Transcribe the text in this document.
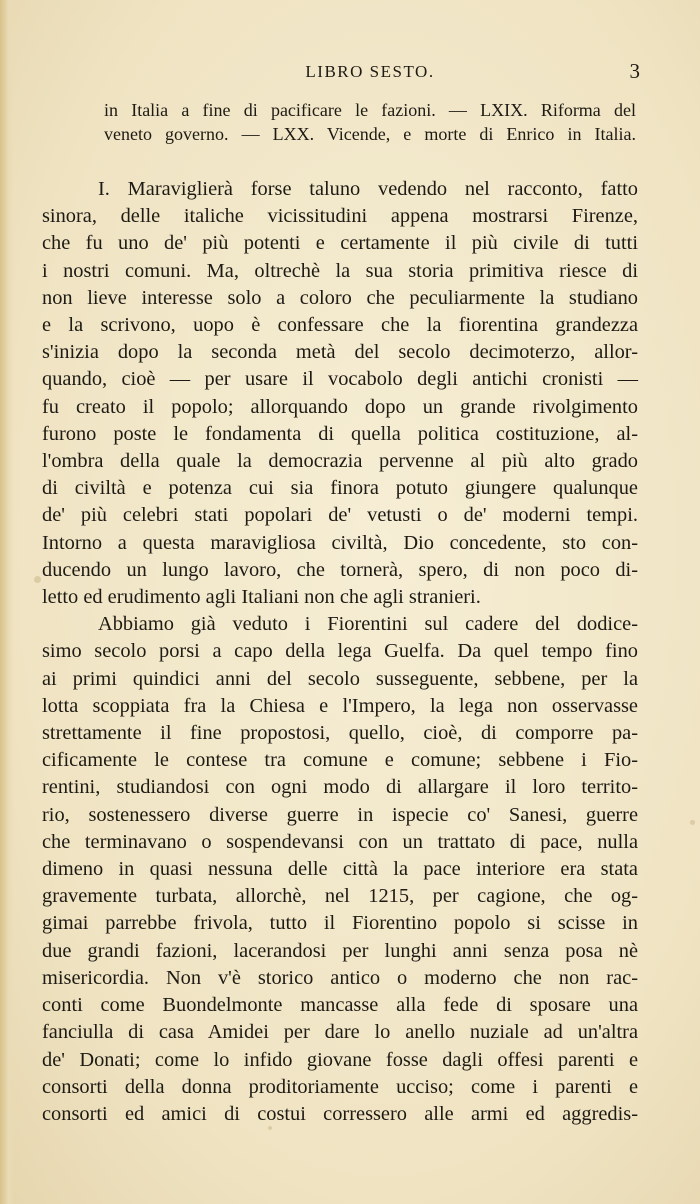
LIBRO SESTO.	3
in Italia a fine di pacificare le fazioni. — LXIX. Riforma del
veneto governo. — LXX. Vicende, e morte di Enrico in Italia.
I. Maraviglierà forse taluno vedendo nel racconto, fatto
sinora, delle italiche vicissitudini appena mostrarsi Firenze,
che fu uno de' più potenti e certamente il più civile di tutti
i nostri comuni. Ma, oltrechè la sua storia primitiva riesce di
non lieve interesse solo a coloro che peculiarmente la studiano
e la scrivono, uopo è confessare che la fiorentina grandezza
s'inizia dopo la seconda metà del secolo decimoterzo, allor-
quando, cioè — per usare il vocabolo degli antichi cronisti —
fu creato il popolo; allorquando dopo un grande rivolgimento
furono poste le fondamenta di quella politica costituzione, al-
l'ombra della quale la democrazia pervenne al più alto grado
di civiltà e potenza cui sia finora potuto giungere qualunque
de' più celebri stati popolari de' vetusti o de' moderni tempi.
Intorno a questa maravigliosa civiltà, Dio concedente, sto con-
ducendo un lungo lavoro, che tornerà, spero, di non poco di-
letto ed erudimento agli Italiani non che agli stranieri.
Abbiamo già veduto i Fiorentini sul cadere del dodice-
simo secolo porsi a capo della lega Guelfa. Da quel tempo fino
ai primi quindici anni del secolo susseguente, sebbene, per la
lotta scoppiata fra la Chiesa e l'Impero, la lega non osservasse
strettamente il fine propostosi, quello, cioè, di comporre pa-
cificamente le contese tra comune e comune; sebbene i Fio-
rentini, studiandosi con ogni modo di allargare il loro territo-
rio, sostenessero diverse guerre in ispecie co' Sanesi, guerre
che terminavano o sospendevansi con un trattato di pace, nulla
dimeno in quasi nessuna delle città la pace interiore era stata
gravemente turbata, allorchè, nel 1215, per cagione, che og-
gimai parrebbe frivola, tutto il Fiorentino popolo si scisse in
due grandi fazioni, lacerandosi per lunghi anni senza posa nè
misericordia. Non v'è storico antico o moderno che non rac-
conti come Buondelmonte mancasse alla fede di sposare una
fanciulla di casa Amidei per dare lo anello nuziale ad un'altra
de' Donati; come lo infido giovane fosse dagli offesi parenti e
consorti della donna proditoriamente ucciso; come i parenti e
consorti ed amici di costui corressero alle armi ed aggredis-
